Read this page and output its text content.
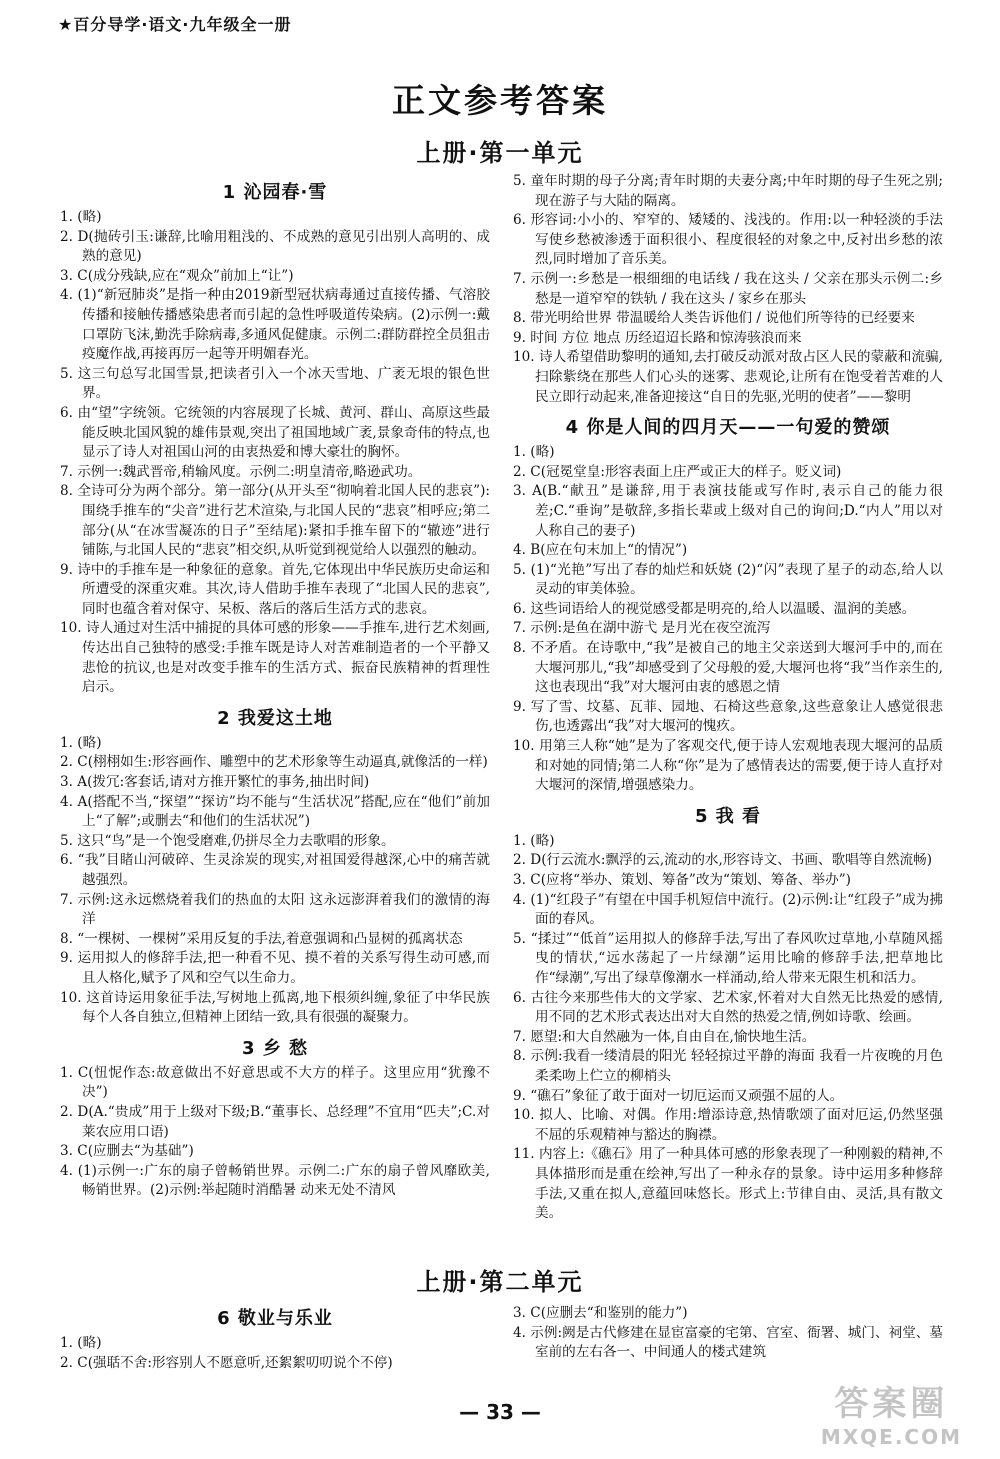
★百分导学·语文·九年级全一册
正文参考答案
上册·第一单元
1 沁园春·雪

1. (略)

2. D(抛砖引玉:谦辞,比喻用粗浅的、不成熟的意见引出别人高明的、成熟的意见)

3. C(成分残缺,应在“观众”前加上“让”)

4. (1)“新冠肺炎”是指一种由2019新型冠状病毒通过直接传播、气溶胶传播和接触传播感染患者而引起的急性呼吸道传染病。(2)示例一:戴口罩防飞沫,勤洗手除病毒,多通风促健康。示例二:群防群控全员狙击疫魔作战,再接再厉一起等开明媚春光。

5. 这三句总写北国雪景,把读者引入一个冰天雪地、广袤无垠的银色世界。

6. 由“望”字统领。它统领的内容展现了长城、黄河、群山、高原这些最能反映北国风貌的雄伟景观,突出了祖国地域广袤,景象奇伟的特点,也显示了诗人对祖国山河的由衷热爱和博大豪壮的胸怀。

7. 示例一:魏武晋帝,稍输风度。示例二:明皇清帝,略逊武功。

8. 全诗可分为两个部分。第一部分(从开头至“彻响着北国人民的悲哀”):围绕手推车的“尖音”进行艺术渲染,与北国人民的“悲哀”相呼应;第二部分(从“在冰雪凝冻的日子”至结尾):紧扣手推车留下的“辙迹”进行铺陈,与北国人民的“悲哀”相交织,从听觉到视觉给人以强烈的触动。

9. 诗中的手推车是一种象征的意象。首先,它体现出中华民族历史命运和所遭受的深重灾难。其次,诗人借助手推车表现了“北国人民的悲哀”,同时也蕴含着对保守、呆板、落后的落后生活方式的悲哀。

10. 诗人通过对生活中捕捉的具体可感的形象——手推车,进行艺术刻画,传达出自己独特的感受:手推车既是诗人对苦难制造者的一个平静又悲怆的抗议,也是对改变手推车的生活方式、振奋民族精神的哲理性启示。

2 我爱这土地

1. (略)

2. C(栩栩如生:形容画作、雕塑中的艺术形象等生动逼真,就像活的一样)

3. A(拨冗:客套话,请对方推开繁忙的事务,抽出时间)

4. A(搭配不当,“探望”“探访”均不能与“生活状况”搭配,应在“他们”前加上“了解”;或删去“和他们的生活状况”)

5. 这只“鸟”是一个饱受磨难,仍拼尽全力去歌唱的形象。

6. “我”目睹山河破碎、生灵涂炭的现实,对祖国爱得越深,心中的痛苦就越强烈。

7. 示例:这永远燃烧着我们的热血的太阳 这永远澎湃着我们的激情的海洋

8. “一棵树、一棵树”采用反复的手法,着意强调和凸显树的孤离状态

9. 运用拟人的修辞手法,把一种看不见、摸不着的关系写得生动可感,而且人格化,赋予了风和空气以生命力。

10. 这首诗运用象征手法,写树地上孤离,地下根须纠缠,象征了中华民族每个人各自独立,但精神上团结一致,具有很强的凝聚力。

3 乡 愁

1. C(忸怩作态:故意做出不好意思或不大方的样子。这里应用“犹豫不决”)

2. D(A.“贵成”用于上级对下级;B.“董事长、总经理”不宜用“匹夫”;C.对莱农应用口语)

3. C(应删去“为基础”)

4. (1)示例一:广东的扇子曾畅销世界。示例二:广东的扇子曾风靡欧美,畅销世界。(2)示例:举起随时消酷暑 动来无处不清风

5. 童年时期的母子分离;青年时期的夫妻分离;中年时期的母子生死之别;现在游子与大陆的隔离。

6. 形容词:小小的、窄窄的、矮矮的、浅浅的。作用:以一种轻淡的手法写使乡愁被渗透于面积很小、程度很轻的对象之中,反衬出乡愁的浓烈,同时增加了音乐美。

7. 示例一:乡愁是一根细细的电话线 / 我在这头 / 父亲在那头示例二:乡愁是一道窄窄的铁轨 / 我在这头 / 家乡在那头

8. 带光明给世界 带温暖给人类告诉他们 / 说他们所等待的已经要来

9. 时间 方位 地点 历经迢迢长路和惊涛骇浪而来

10. 诗人希望借助黎明的通知,去打破反动派对敌占区人民的蒙蔽和流骗,扫除紫绕在那些人们心头的迷雾、悲观论,让所有在饱受着苦难的人民立即行动起来,准备迎接这“自日的先驱,光明的使者”——黎明

4 你是人间的四月天——一句爱的赞颂

1. (略)

2. C(冠冕堂皇:形容表面上庄严或正大的样子。贬义词)

3. A(B.“献丑”是谦辞,用于表演技能或写作时,表示自己的能力很差;C.“垂询”是敬辞,多指长辈或上级对自己的询问;D.“内人”用以对人称自己的妻子)

4. B(应在句末加上“的情况”)

5. (1)“光艳”写出了春的灿烂和妖娆 (2)“闪”表现了星子的动态,给人以灵动的审美体验。

6. 这些词语给人的视觉感受都是明亮的,给人以温暖、温润的美感。

7. 示例:是鱼在湖中游弋 是月光在夜空流泻

8. 不矛盾。在诗歌中,“我”是被自己的地主父亲送到大堰河手中的,而在大堰河那儿,“我”却感受到了父母般的爱,大堰河也将“我”当作亲生的,这也表现出“我”对大堰河由衷的感恩之情

9. 写了雪、坟墓、瓦菲、园地、石椅这些意象,这些意象让人感觉很悲伤,也透露出“我”对大堰河的愧疚。

10. 用第三人称“她”是为了客观交代,便于诗人宏观地表现大堰河的品质和对她的同情;第二人称“你”是为了感情表达的需要,便于诗人直抒对大堰河的深情,增强感染力。

5 我 看

1. (略)

2. D(行云流水:飘浮的云,流动的水,形容诗文、书画、歌唱等自然流畅)

3. C(应将“举办、策划、筹备”改为“策划、筹备、举办”)

4. (1)“红段子”有望在中国手机短信中流行。(2)示例:让“红段子”成为拂面的春风。

5. “揉过”“低首”运用拟人的修辞手法,写出了春风吹过草地,小草随风摇曳的情状,“远水荡起了一片绿潮”运用比喻的修辞手法,把草地比作“绿潮”,写出了绿草像潮水一样涌动,给人带来无限生机和活力。

6. 古往今来那些伟大的文学家、艺术家,怀着对大自然无比热爱的感情,用不同的艺术形式表达出对大自然的热爱之情,例如诗歌、绘画。

7. 愿望:和大自然融为一体,自由自在,愉快地生活。

8. 示例:我看一缕清晨的阳光 轻轻掠过平静的海面 我看一片夜晚的月色 柔柔吻上伫立的柳梢头

9. “礁石”象征了敢于面对一切厄运而又顽强不屈的人。

10. 拟人、比喻、对偶。作用:增添诗意,热情歌颂了面对厄运,仍然坚强不屈的乐观精神与豁达的胸襟。

11. 内容上:《礁石》用了一种具体可感的形象表现了一种刚毅的精神,不具体描形而是重在绘神,写出了一种永存的景象。诗中运用多种修辞手法,又重在拟人,意蕴回味悠长。形式上:节律自由、灵活,具有散文美。

上册·第二单元
6 敬业与乐业

1. (略)

2. C(强聒不舍:形容别人不愿意听,还絮絮叨叨说个不停)

3. C(应删去“和鉴别的能力”)

4. 示例:阙是古代修建在显宦富豪的宅第、宫室、衙署、城门、祠堂、墓室前的左右各一、中间通人的楼式建筑

— 33 —	答案圈
MXQE.COM
